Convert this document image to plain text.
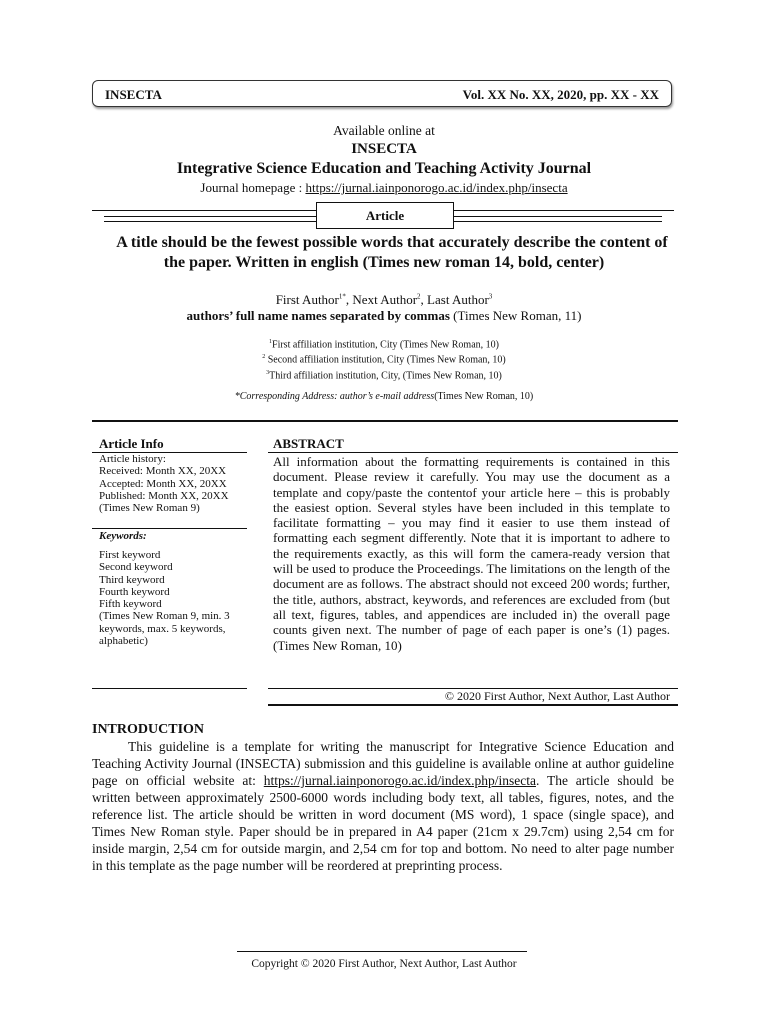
INSECTA	Vol. XX No. XX, 2020, pp. XX - XX
Available online at
INSECTA
Integrative Science Education and Teaching Activity Journal
Journal homepage : https://jurnal.iainponorogo.ac.id/index.php/insecta
Article
A title should be the fewest possible words that accurately describe the content of the paper. Written in english (Times new roman 14, bold, center)
First Author$^{1*}$, Next Author$^2$, Last Author$^3$
authors’ full name names separated by commas (Times New Roman, 11)
$^1$First affiliation institution, City (Times New Roman, 10)
$^2$ Second affiliation institution, City (Times New Roman, 10)
$^3$Third affiliation institution, City, (Times New Roman, 10)
*Corresponding Address: author’s e-mail address(Times New Roman, 10)
Article Info
Article history:
Received: Month XX, 20XX
Accepted: Month XX, 20XX
Published: Month XX, 20XX
(Times New Roman 9)
Keywords:
First keyword
Second keyword
Third keyword
Fourth keyword
Fifth keyword
(Times New Roman 9, min. 3 keywords, max. 5 keywords, alphabetic)
ABSTRACT
All information about the formatting requirements is contained in this document. Please review it carefully. You may use the document as a template and copy/paste the contentof your article here – this is probably the easiest option. Several styles have been included in this template to facilitate formatting – you may find it easier to use them instead of formatting each segment differently. Note that it is important to adhere to the requirements exactly, as this will form the camera-ready version that will be used to produce the Proceedings. The limitations on the length of the document are as follows. The abstract should not exceed 200 words; further, the title, authors, abstract, keywords, and references are excluded from (but all text, figures, tables, and appendices are included in) the overall page counts given next. The number of page of each paper is one’s (1) pages. (Times New Roman, 10)
© 2020 First Author, Next Author, Last Author
INTRODUCTION
This guideline is a template for writing the manuscript for Integrative Science Education and Teaching Activity Journal (INSECTA) submission and this guideline is available online at author guideline page on official website at: https://jurnal.iainponorogo.ac.id/index.php/insecta. The article should be written between approximately 2500-6000 words including body text, all tables, figures, notes, and the reference list. The article should be written in word document (MS word), 1 space (single space), and Times New Roman style. Paper should be in prepared in A4 paper (21cm x 29.7cm) using 2,54 cm for inside margin, 2,54 cm for outside margin, and 2,54 cm for top and bottom. No need to alter page number in this template as the page number will be reordered at preprinting process.
Copyright © 2020 First Author, Next Author, Last Author
